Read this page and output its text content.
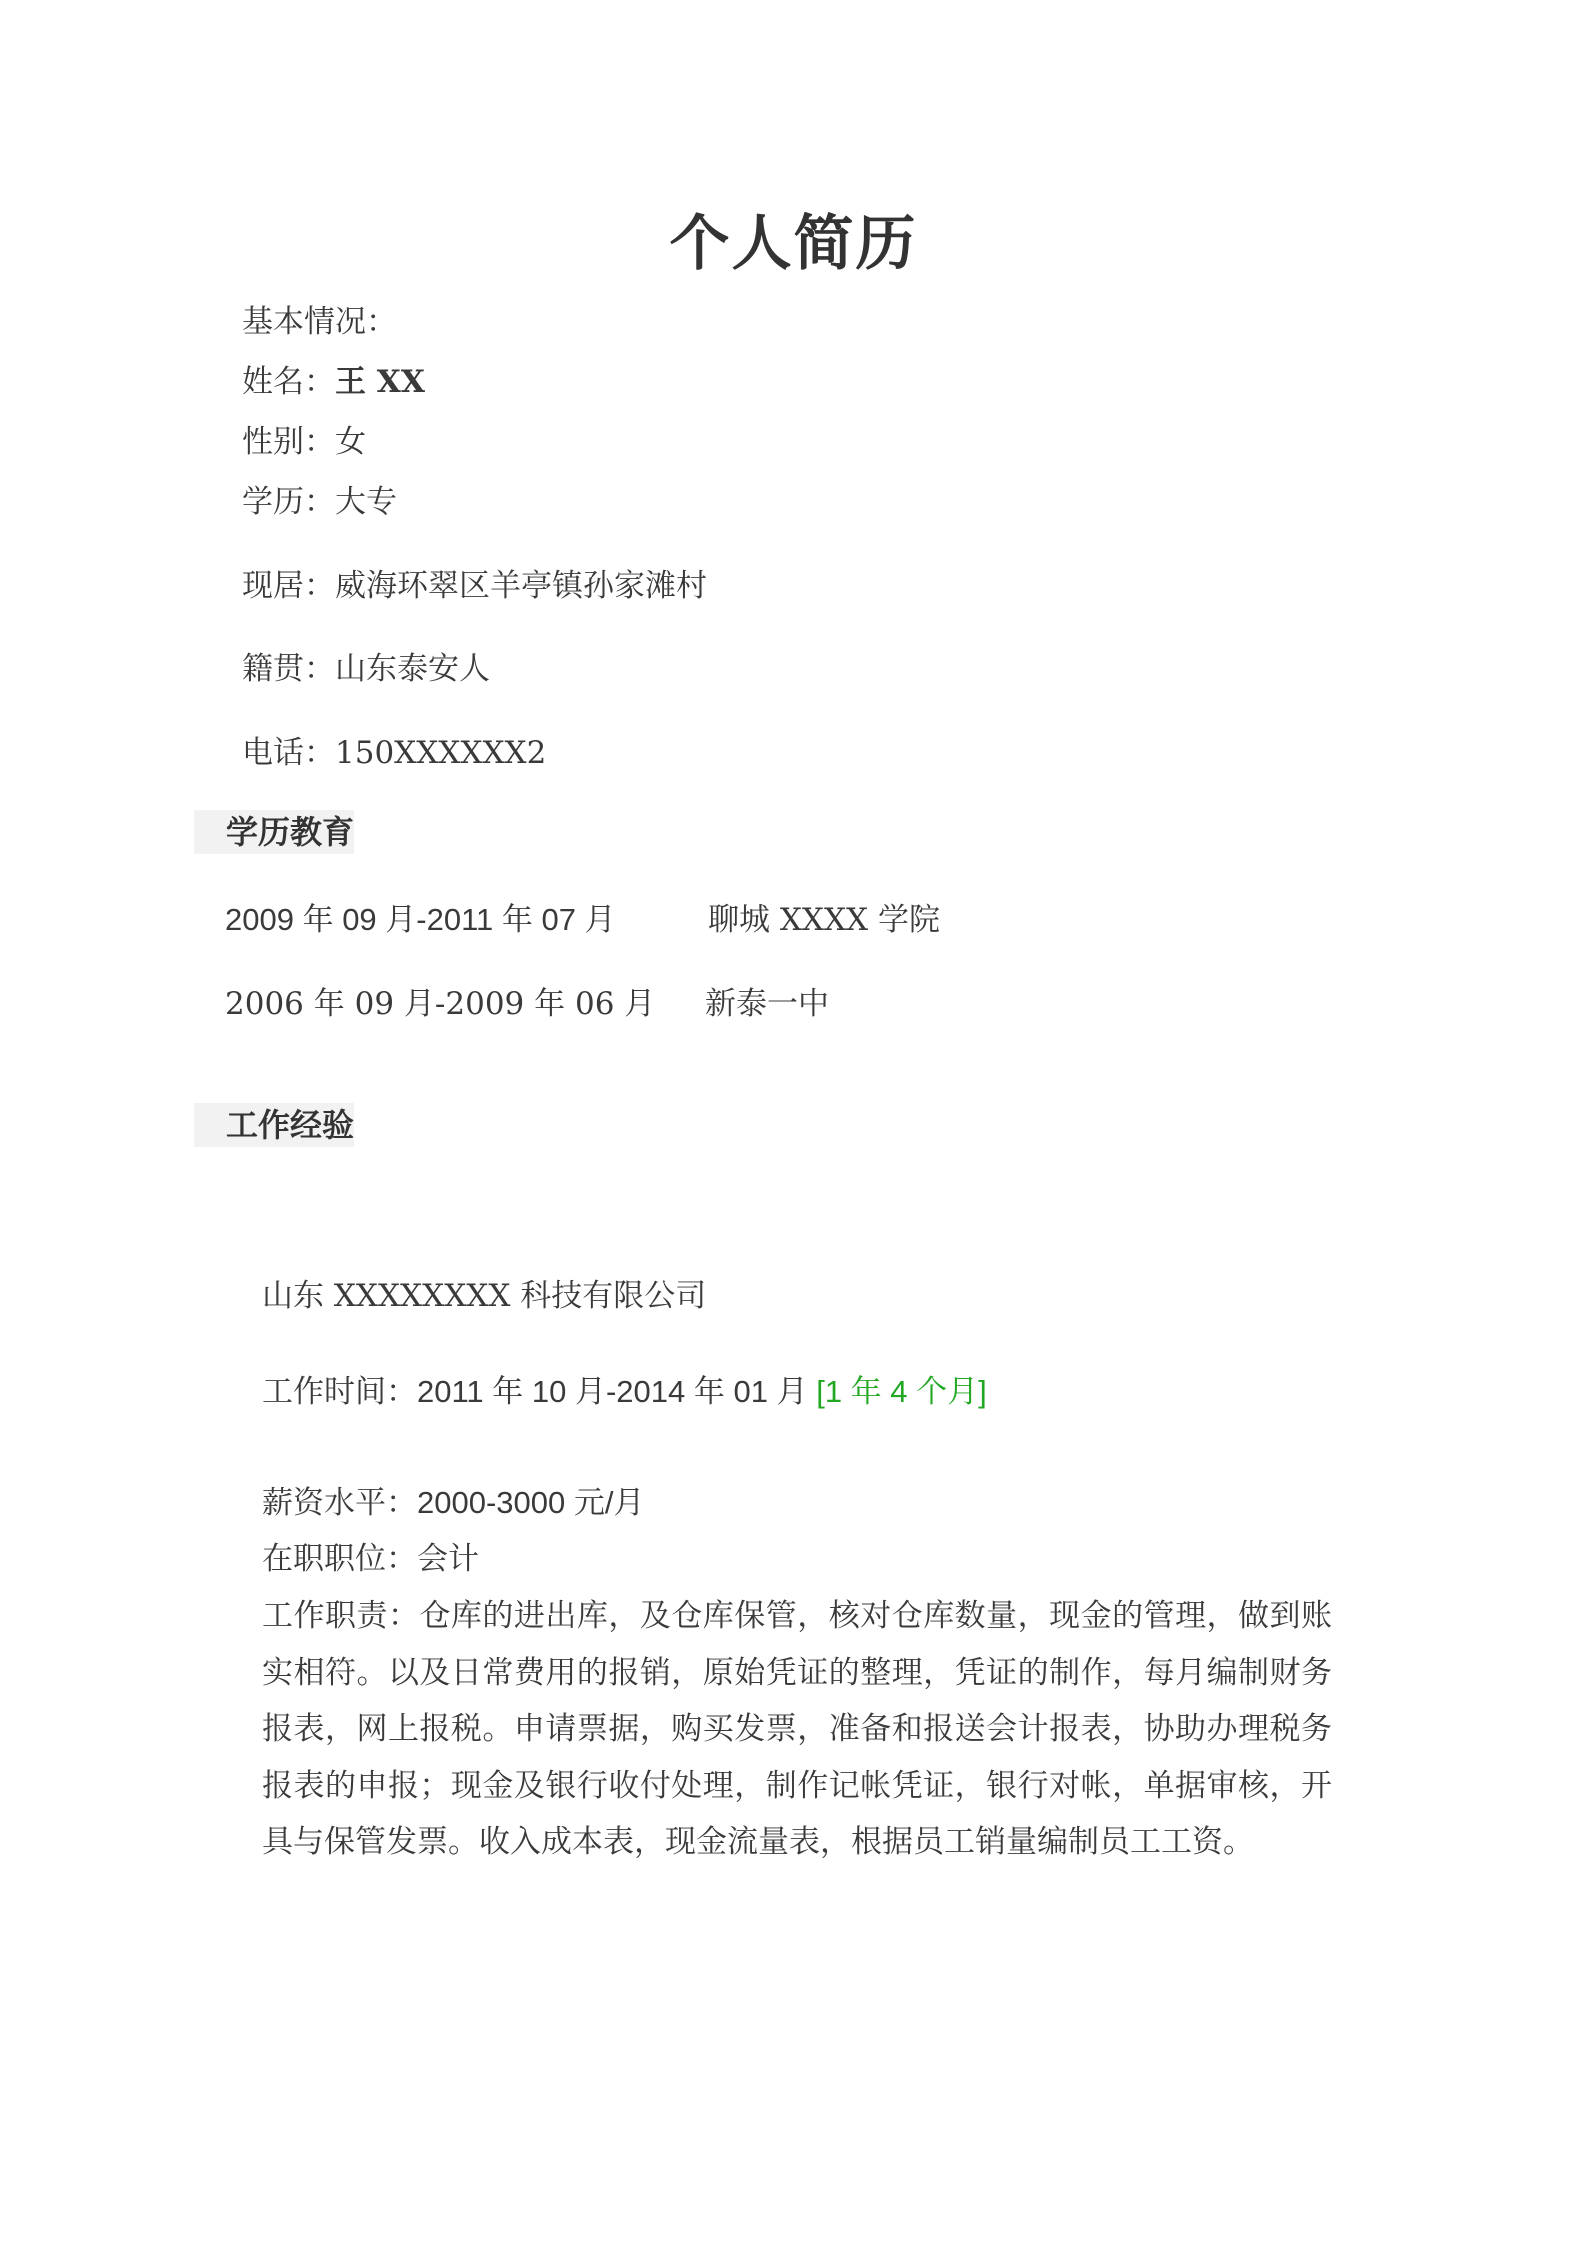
个人简历
基本情况：
姓名：王 XX
性别：女
学历：大专
现居：威海环翠区羊亭镇孙家滩村
籍贯：山东泰安人
电话：150XXXXXX2
学历教育
2009 年 09 月-2011 年 07 月	聊城 XXXX 学院
2006 年 09 月-2009 年 06 月 新泰一中
工作经验
山东 XXXXXXXX 科技有限公司
工作时间：2011 年 10 月-2014 年 01 月 [1 年 4 个月]
薪资水平：2000-3000 元/月
在职职位：会计
工作职责：仓库的进出库，及仓库保管，核对仓库数量，现金的管理，做到账实相符。以及日常费用的报销，原始凭证的整理，凭证的制作，每月编制财务报表，网上报税。申请票据，购买发票，准备和报送会计报表，协助办理税务报表的申报；现金及银行收付处理，制作记帐凭证，银行对帐，单据审核，开具与保管发票。收入成本表，现金流量表，根据员工销量编制员工工资。
